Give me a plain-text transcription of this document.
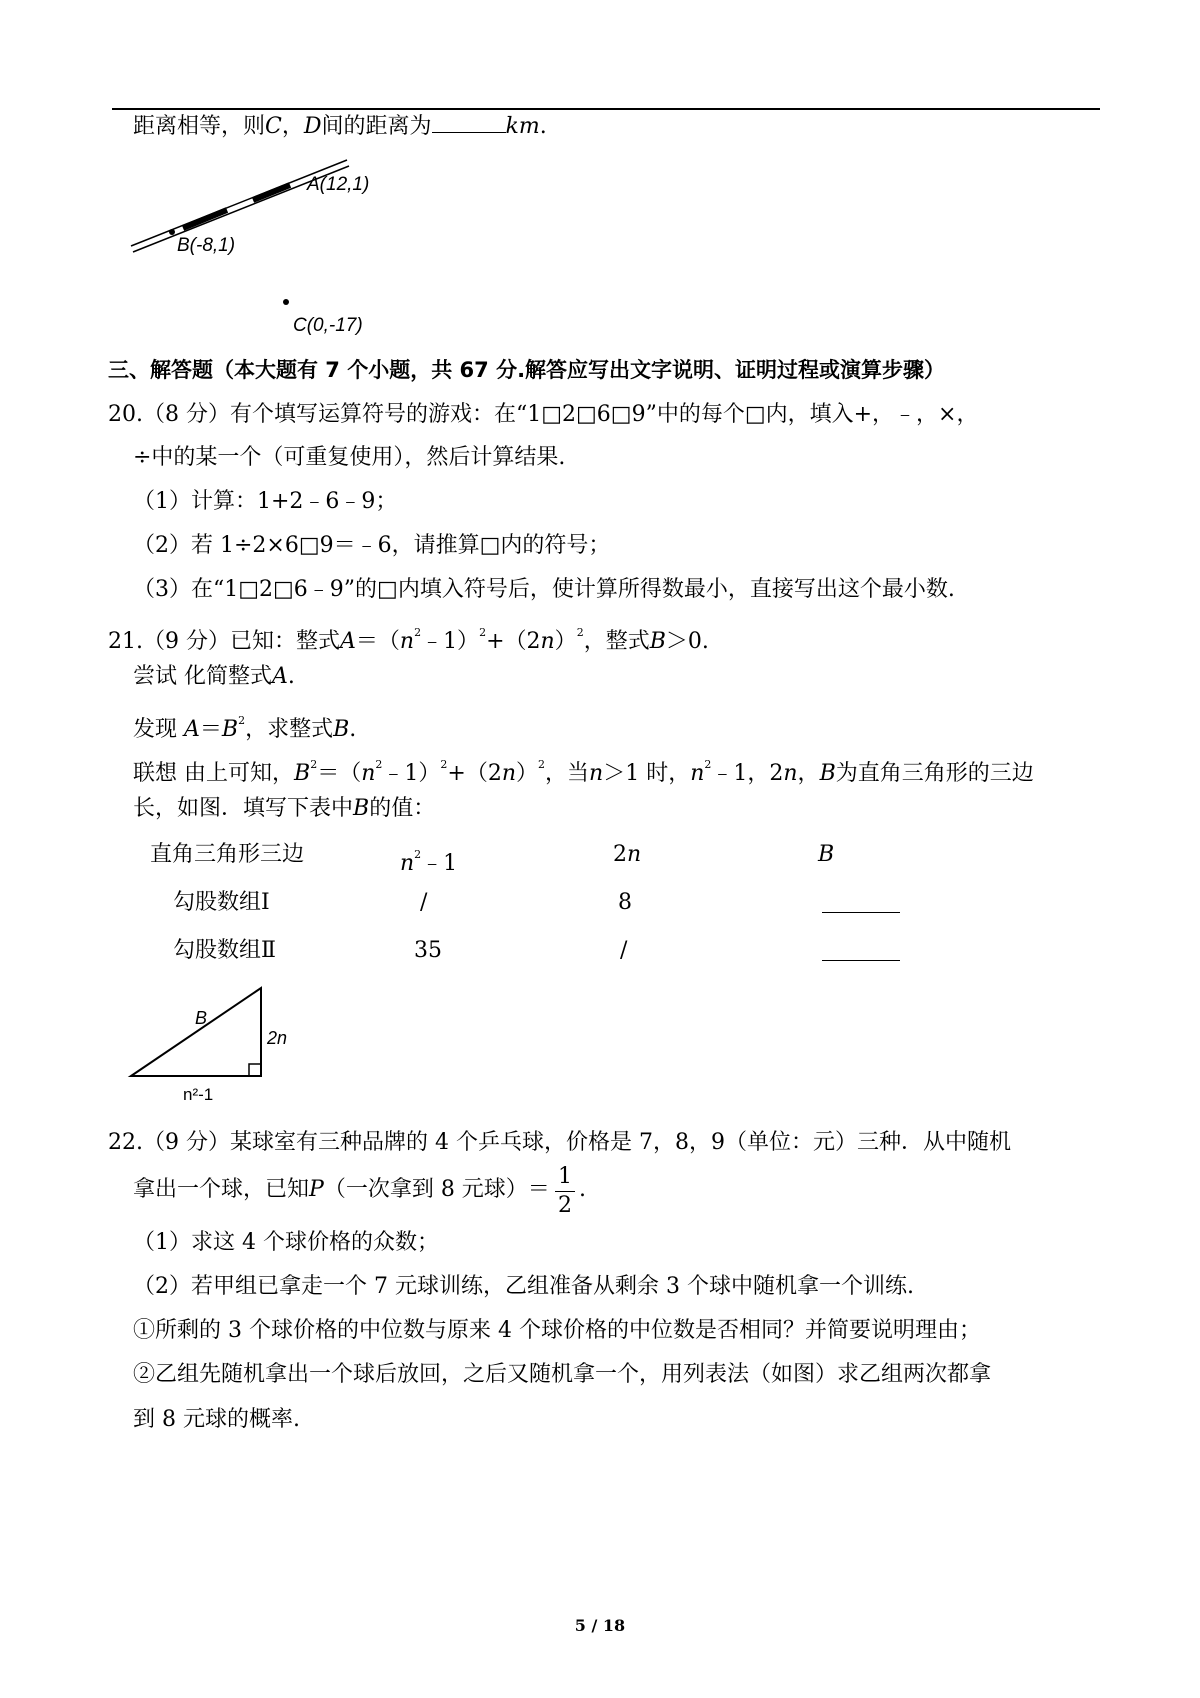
距离相等，则C，D间的距离为	km.
A(12,1)
B(-8,1)
C(0,-17)
三、解答题（本大题有 7 个小题，共 67 分.解答应写出文字说明、证明过程或演算步骤）
20.（8 分）有个填写运算符号的游戏：在“1□2□6□9”中的每个□内，填入+，﹣，×，
÷中的某一个（可重复使用），然后计算结果.
（1）计算：1+2﹣6﹣9；
（2）若 1÷2×6□9＝﹣6，请推算□内的符号；
（3）在“1□2□6﹣9”的□内填入符号后，使计算所得数最小，直接写出这个最小数.
21.（9 分）已知：整式$A=(n^2﹣1)^2+(2n)^2$，整式B＞0.
尝试 化简整式A.
发现 $A=B^2$，求整式B.
联想 由上可知，$B^2=(n^2﹣1)^2+(2n)^2$，当n＞1 时，$n^2﹣1$，2n，B为直角三角形的三边
长，如图．填写下表中B的值：
直角三角形三边	$n^2﹣1$	2n	B
勾股数组Ⅰ	/	8
勾股数组Ⅱ	35	/
B
2n
n²-1
22.（9 分）某球室有三种品牌的 4 个乒乓球，价格是 7，8，9（单位：元）三种．从中随机
拿出一个球，已知P（一次拿到 8 元球）＝
1
2
.
（1）求这 4 个球价格的众数；
（2）若甲组已拿走一个 7 元球训练，乙组准备从剩余 3 个球中随机拿一个训练.
①所剩的 3 个球价格的中位数与原来 4 个球价格的中位数是否相同？并简要说明理由；
②乙组先随机拿出一个球后放回，之后又随机拿一个，用列表法（如图）求乙组两次都拿
到 8 元球的概率.
5 / 18
